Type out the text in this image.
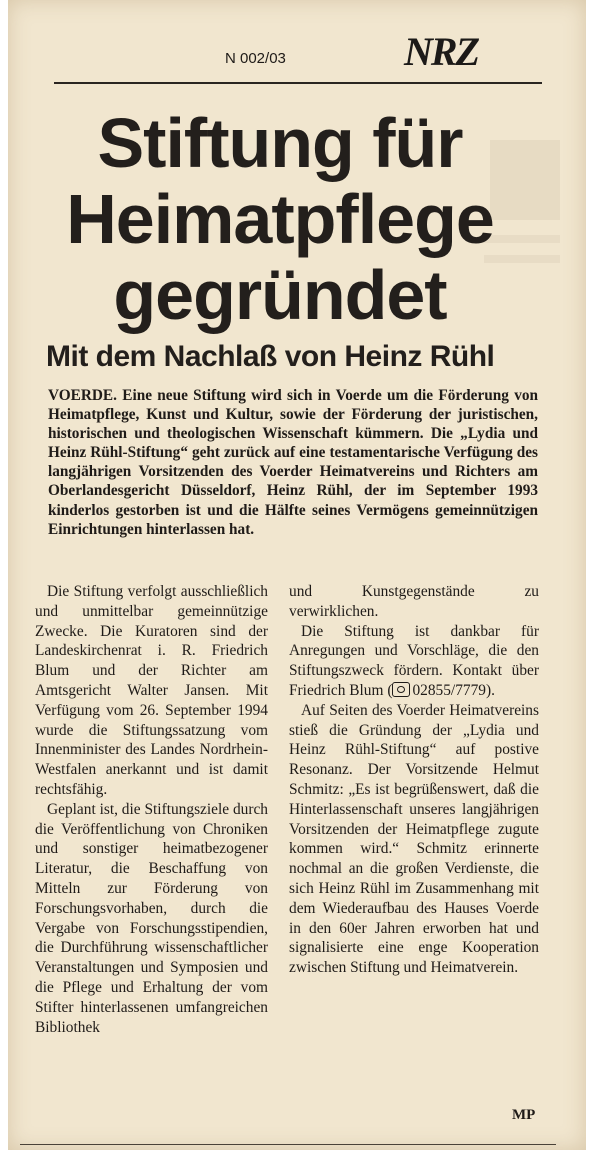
N 002/03	NRZ
Stiftung für
Heimatpflege
gegründet
Mit dem Nachlaß von Heinz Rühl

VOERDE. Eine neue Stiftung wird sich in Voerde um die Förderung von Heimatpflege, Kunst und Kultur, sowie der Förderung der juristischen, historischen und theologischen Wissenschaft kümmern. Die „Lydia und Heinz Rühl-Stiftung“ geht zurück auf eine testamentarische Verfügung des langjährigen Vorsitzenden des Voerder Heimatvereins und Richters am Oberlandesgericht Düsseldorf, Heinz Rühl, der im September 1993 kinderlos gestorben ist und die Hälfte seines Vermögens gemeinnützigen Einrichtungen hinterlassen hat.

Die Stiftung verfolgt ausschließlich und unmittelbar gemeinnützige Zwecke. Die Kuratoren sind der Landeskirchenrat i. R. Friedrich Blum und der Richter am Amtsgericht Walter Jansen. Mit Verfügung vom 26. September 1994 wurde die Stiftungssatzung vom Innenminister des Landes Nordrhein-Westfalen anerkannt und ist damit rechtsfähig.

Geplant ist, die Stiftungsziele durch die Veröffentlichung von Chroniken und sonstiger heimatbezogener Literatur, die Beschaffung von Mitteln zur Förderung von Forschungsvorhaben, durch die Vergabe von Forschungsstipendien, die Durchführung wissenschaftlicher Veranstaltungen und Symposien und die Pflege und Erhaltung der vom Stifter hinterlassenen umfangreichen Bibliothek

und Kunstgegenstände zu verwirklichen.

Die Stiftung ist dankbar für Anregungen und Vorschläge, die den Stiftungszweck fördern. Kontakt über Friedrich Blum ( 02855/7779).

Auf Seiten des Voerder Heimatvereins stieß die Gründung der „Lydia und Heinz Rühl-Stiftung“ auf postive Resonanz. Der Vorsitzende Helmut Schmitz: „Es ist begrüßenswert, daß die Hinterlassenschaft unseres langjährigen Vorsitzenden der Heimatpflege zugute kommen wird.“ Schmitz erinnerte nochmal an die großen Verdienste, die sich Heinz Rühl im Zusammenhang mit dem Wiederaufbau des Hauses Voerde in den 60er Jahren erworben hat und signalisierte eine enge Kooperation zwischen Stiftung und Heimatverein.

MP
